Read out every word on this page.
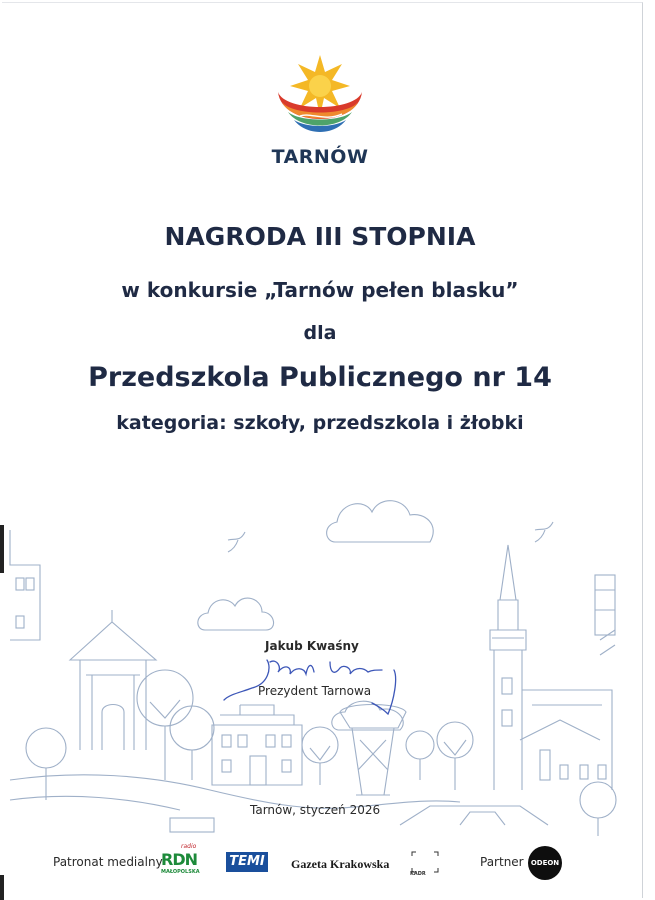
TARNÓW
NAGRODA III STOPNIA
w konkursie „Tarnów pełen blasku”
dla
Przedszkola Publicznego nr 14
kategoria: szkoły, przedszkola i żłobki
Jakub Kwaśny
Prezydent Tarnowa
Tarnów, styczeń 2026
Patronat medialny
radio
RDN
MAŁOPOLSKA
TEMI Gazeta Krakowska
KADR
Partner	ODEON
